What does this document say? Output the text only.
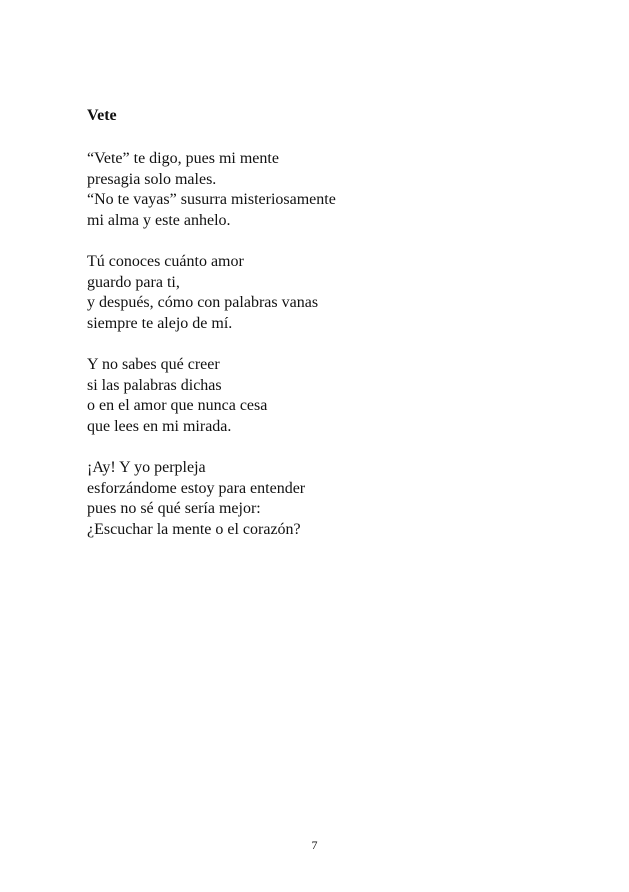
Vete

“Vete” te digo, pues mi mente
presagia solo males.
“No te vayas” susurra misteriosamente
mi alma y este anhelo.

Tú conoces cuánto amor
guardo para ti,
y después, cómo con palabras vanas
siempre te alejo de mí.

Y no sabes qué creer
si las palabras dichas
o en el amor que nunca cesa
que lees en mi mirada.

¡Ay! Y yo perpleja
esforzándome estoy para entender
pues no sé qué sería mejor:
¿Escuchar la mente o el corazón?

7
